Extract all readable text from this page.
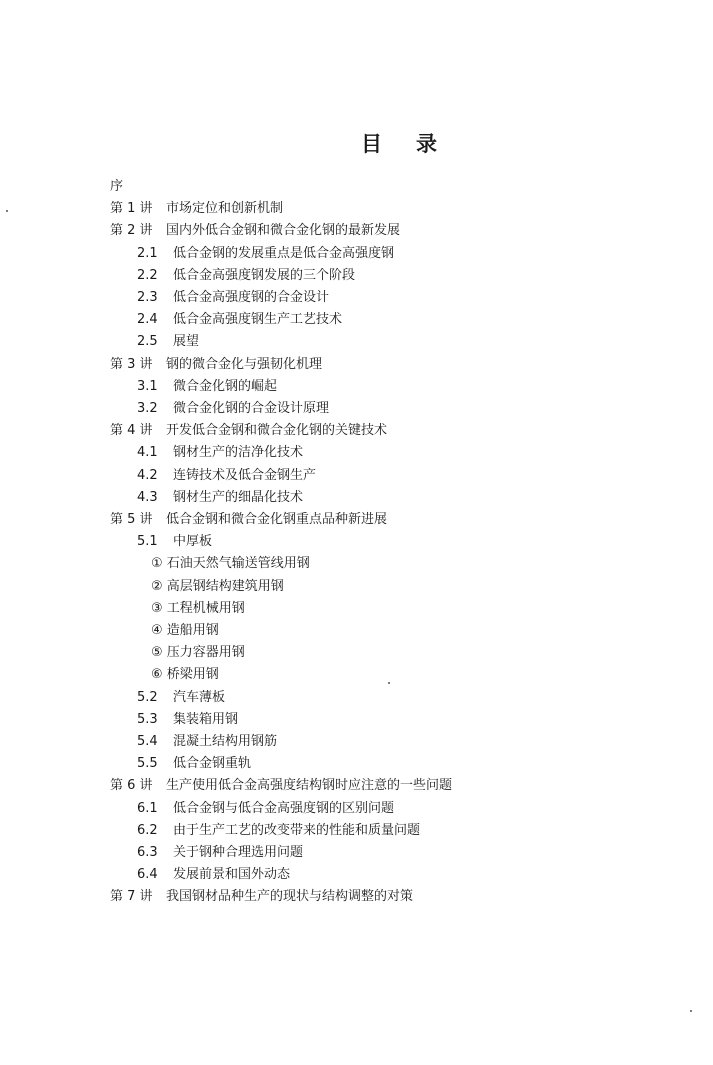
目 录
序
第 1 讲 市场定位和创新机制
第 2 讲 国内外低合金钢和微合金化钢的最新发展
2.1 低合金钢的发展重点是低合金高强度钢
2.2 低合金高强度钢发展的三个阶段
2.3 低合金高强度钢的合金设计
2.4 低合金高强度钢生产工艺技术
2.5 展望
第 3 讲 钢的微合金化与强韧化机理
3.1 微合金化钢的崛起
3.2 微合金化钢的合金设计原理
第 4 讲 开发低合金钢和微合金化钢的关键技术
4.1 钢材生产的洁净化技术
4.2 连铸技术及低合金钢生产
4.3 钢材生产的细晶化技术
第 5 讲 低合金钢和微合金化钢重点品种新进展
5.1 中厚板
① 石油天然气输送管线用钢
② 高层钢结构建筑用钢
③ 工程机械用钢
④ 造船用钢
⑤ 压力容器用钢
⑥ 桥梁用钢
5.2 汽车薄板
5.3 集装箱用钢
5.4 混凝土结构用钢筋
5.5 低合金钢重轨
第 6 讲 生产使用低合金高强度结构钢时应注意的一些问题
6.1 低合金钢与低合金高强度钢的区别问题
6.2 由于生产工艺的改变带来的性能和质量问题
6.3 关于钢种合理选用问题
6.4 发展前景和国外动态
第 7 讲 我国钢材品种生产的现状与结构调整的对策
